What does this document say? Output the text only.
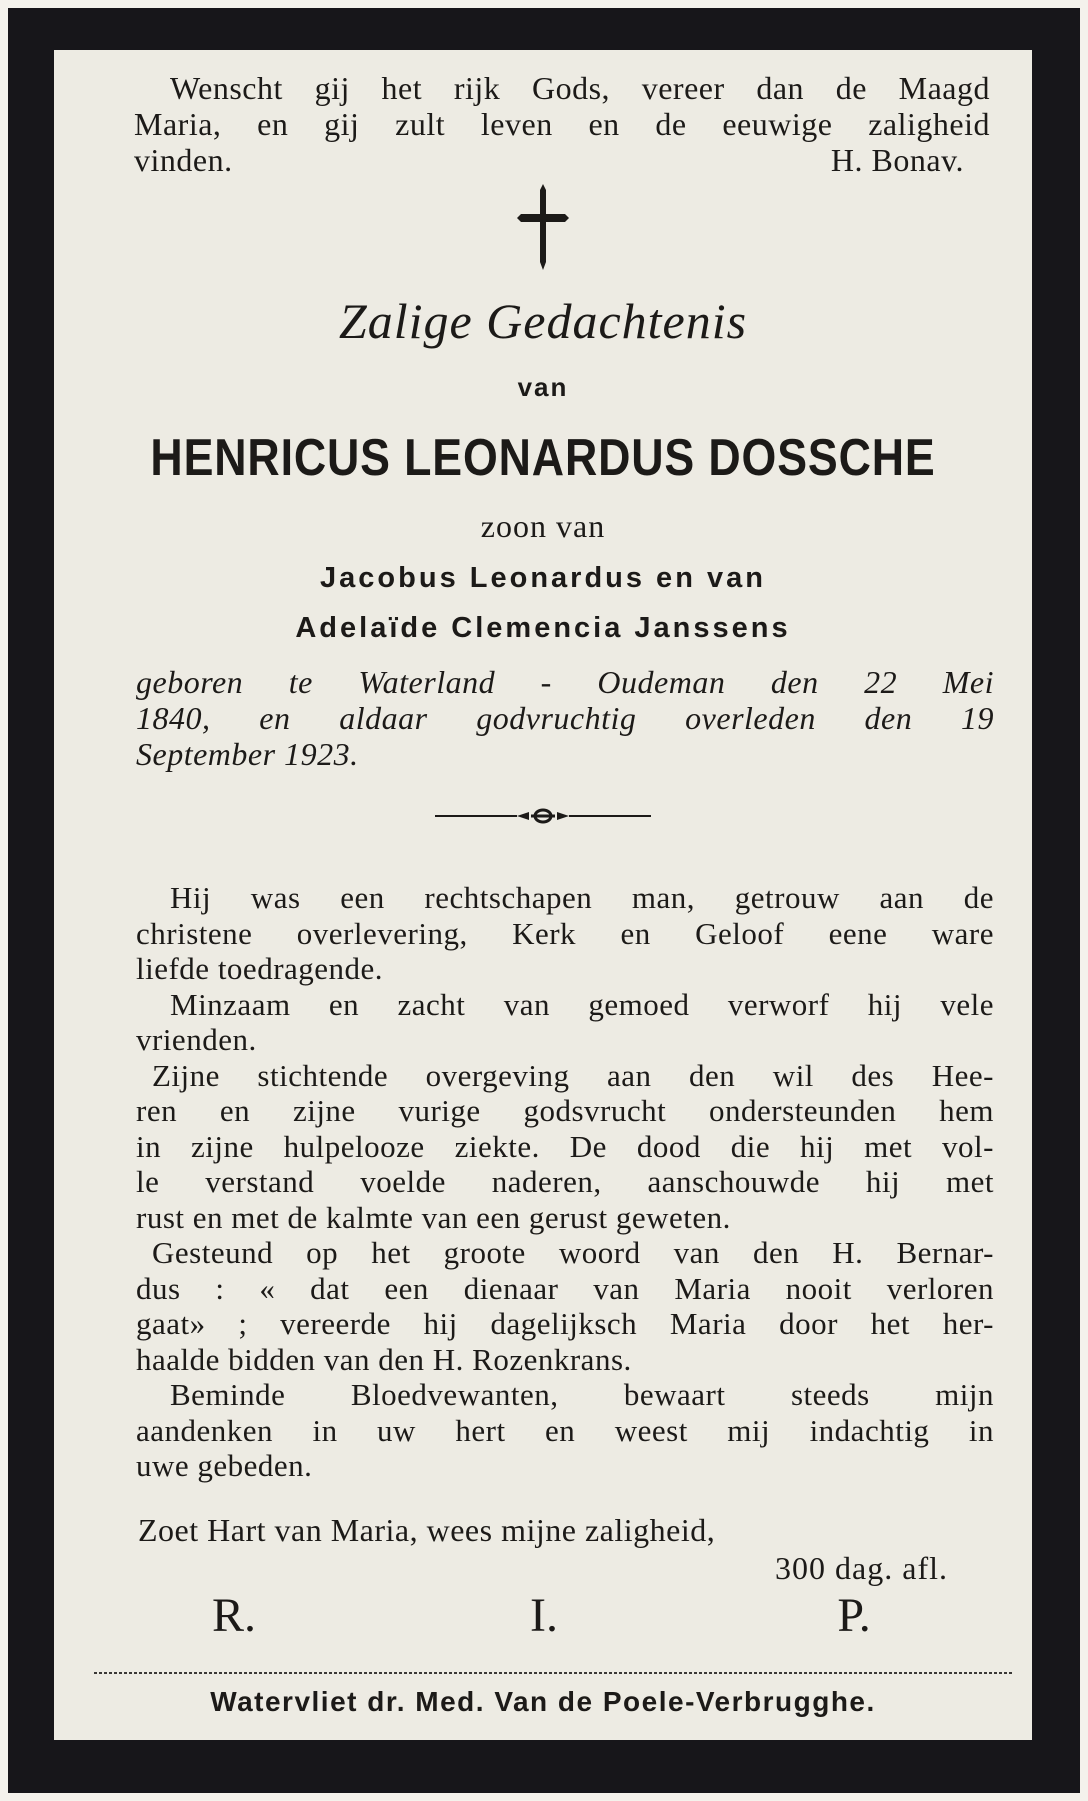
Wenscht gij het rijk Gods, vereer dan de Maagd
Maria, en gij zult leven en de eeuwige zaligheid
vinden.	H. Bonav.
Zalige Gedachtenis
van
HENRICUS LEONARDUS DOSSCHE
zoon van
Jacobus Leonardus en van
Adelaïde Clemencia Janssens
geboren te Waterland - Oudeman den 22 Mei
1840, en aldaar godvruchtig overleden den 19
September 1923.
Hij was een rechtschapen man, getrouw aan de
christene overlevering, Kerk en Geloof eene ware
liefde toedragende.
Minzaam en zacht van gemoed verworf hij vele
vrienden.
Zijne stichtende overgeving aan den wil des Hee-
ren en zijne vurige godsvrucht ondersteunden hem
in zijne hulpelooze ziekte. De dood die hij met vol-
le verstand voelde naderen, aanschouwde hij met
rust en met de kalmte van een gerust geweten.
Gesteund op het groote woord van den H. Bernar-
dus : « dat een dienaar van Maria nooit verloren
gaat» ; vereerde hij dagelijksch Maria door het her-
haalde bidden van den H. Rozenkrans.
Beminde Bloedvewanten, bewaart steeds mijn
aandenken in uw hert en weest mij indachtig in
uwe gebeden.
Zoet Hart van Maria, wees mijne zaligheid,
300 dag. afl.
R.	I.	P.
Watervliet dr. Med. Van de Poele-Verbrugghe.
